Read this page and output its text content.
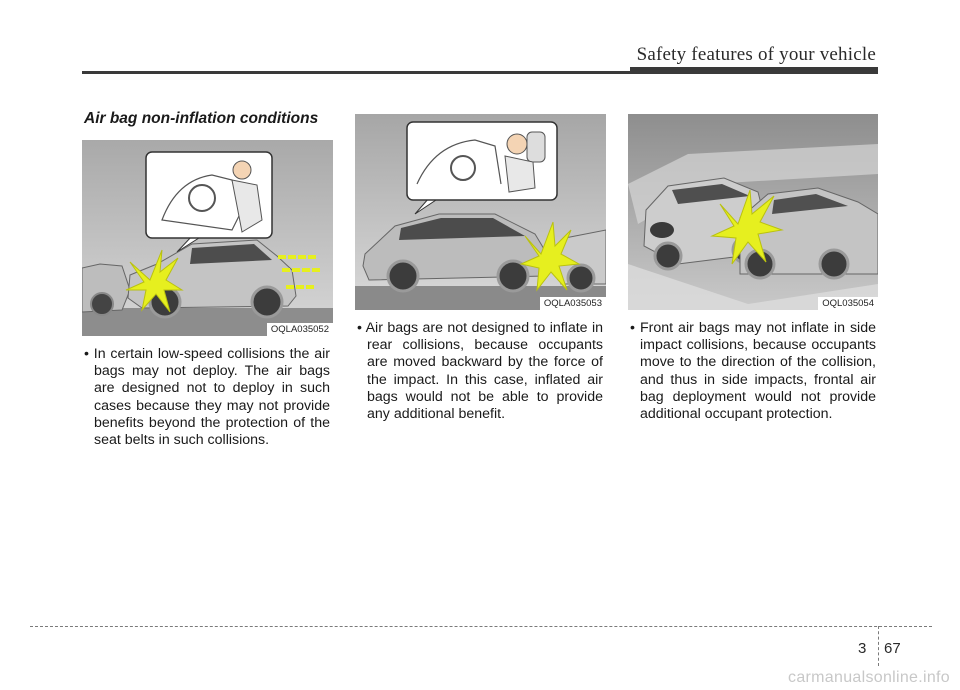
Safety features of your vehicle
Air bag non-inflation conditions
OQLA035052
OQLA035053	OQL035054
• In certain low-speed collisions the air bags may not deploy. The air bags are designed not to deploy in such cases because they may not provide benefits beyond the protection of the seat belts in such collisions.
• Air bags are not designed to inflate in rear collisions, because occupants are moved backward by the force of the impact. In this case, inflated air bags would not be able to provide any additional benefit.
• Front air bags may not inflate in side impact collisions, because occupants move to the direction of the collision, and thus in side impacts, frontal air bag deployment would not provide additional occupant protection.
3 67
carmanualsonline.info
